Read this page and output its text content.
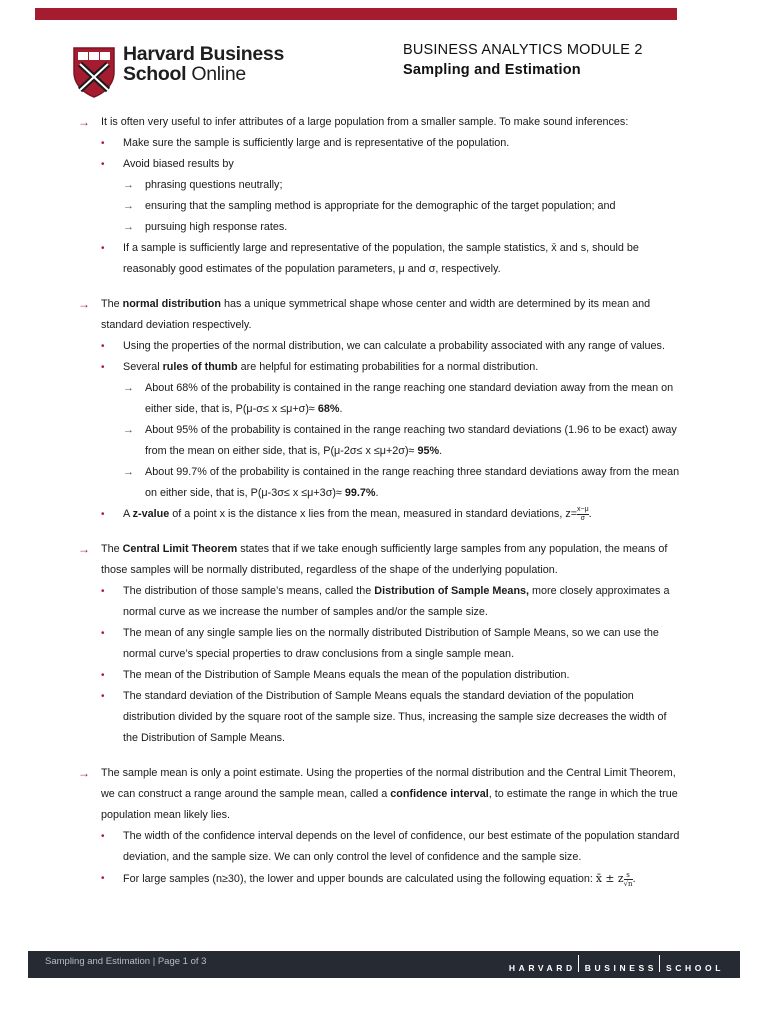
Harvard Business
School Online
BUSINESS ANALYTICS MODULE 2
Sampling and Estimation
→ It is often very useful to infer attributes of a large population from a smaller sample. To make sound inferences:
• Make sure the sample is sufficiently large and is representative of the population.
• Avoid biased results by
→ phrasing questions neutrally;
→ ensuring that the sampling method is appropriate for the demographic of the target population; and
→ pursuing high response rates.
• If a sample is sufficiently large and representative of the population, the sample statistics, x̄ and s, should be reasonably good estimates of the population parameters, μ and σ, respectively.
→ The normal distribution has a unique symmetrical shape whose center and width are determined by its mean and standard deviation respectively.
• Using the properties of the normal distribution, we can calculate a probability associated with any range of values.
• Several rules of thumb are helpful for estimating probabilities for a normal distribution.
→ About 68% of the probability is contained in the range reaching one standard deviation away from the mean on either side, that is, P(μ-σ≤ x ≤μ+σ)≈ 68%.
→ About 95% of the probability is contained in the range reaching two standard deviations (1.96 to be exact) away from the mean on either side, that is, P(μ-2σ≤ x ≤μ+2σ)≈ 95%.
→ About 99.7% of the probability is contained in the range reaching three standard deviations away from the mean on either side, that is, P(μ-3σ≤ x ≤μ+3σ)≈ 99.7%.
• A z-value of a point x is the distance x lies from the mean, measured in standard deviations, $z= \frac{x-\mu}{\sigma}$ .
→ The Central Limit Theorem states that if we take enough sufficiently large samples from any population, the means of those samples will be normally distributed, regardless of the shape of the underlying population.
• The distribution of those sample’s means, called the Distribution of Sample Means, more closely approximates a normal curve as we increase the number of samples and/or the sample size.
• The mean of any single sample lies on the normally distributed Distribution of Sample Means, so we can use the normal curve’s special properties to draw conclusions from a single sample mean.
• The mean of the Distribution of Sample Means equals the mean of the population distribution.
• The standard deviation of the Distribution of Sample Means equals the standard deviation of the population distribution divided by the square root of the sample size. Thus, increasing the sample size decreases the width of the Distribution of Sample Means.
→ The sample mean is only a point estimate. Using the properties of the normal distribution and the Central Limit Theorem, we can construct a range around the sample mean, called a confidence interval, to estimate the range in which the true population mean likely lies.
• The width of the confidence interval depends on the level of confidence, our best estimate of the population standard deviation, and the sample size. We can only control the level of confidence and the sample size.
• For large samples (n≥30), the lower and upper bounds are calculated using the following equation: x̄ ± z $\frac{s}{√n}$ .
Sampling and Estimation | Page 1 of 3
HARVARD BUSINESS SCHOOL
